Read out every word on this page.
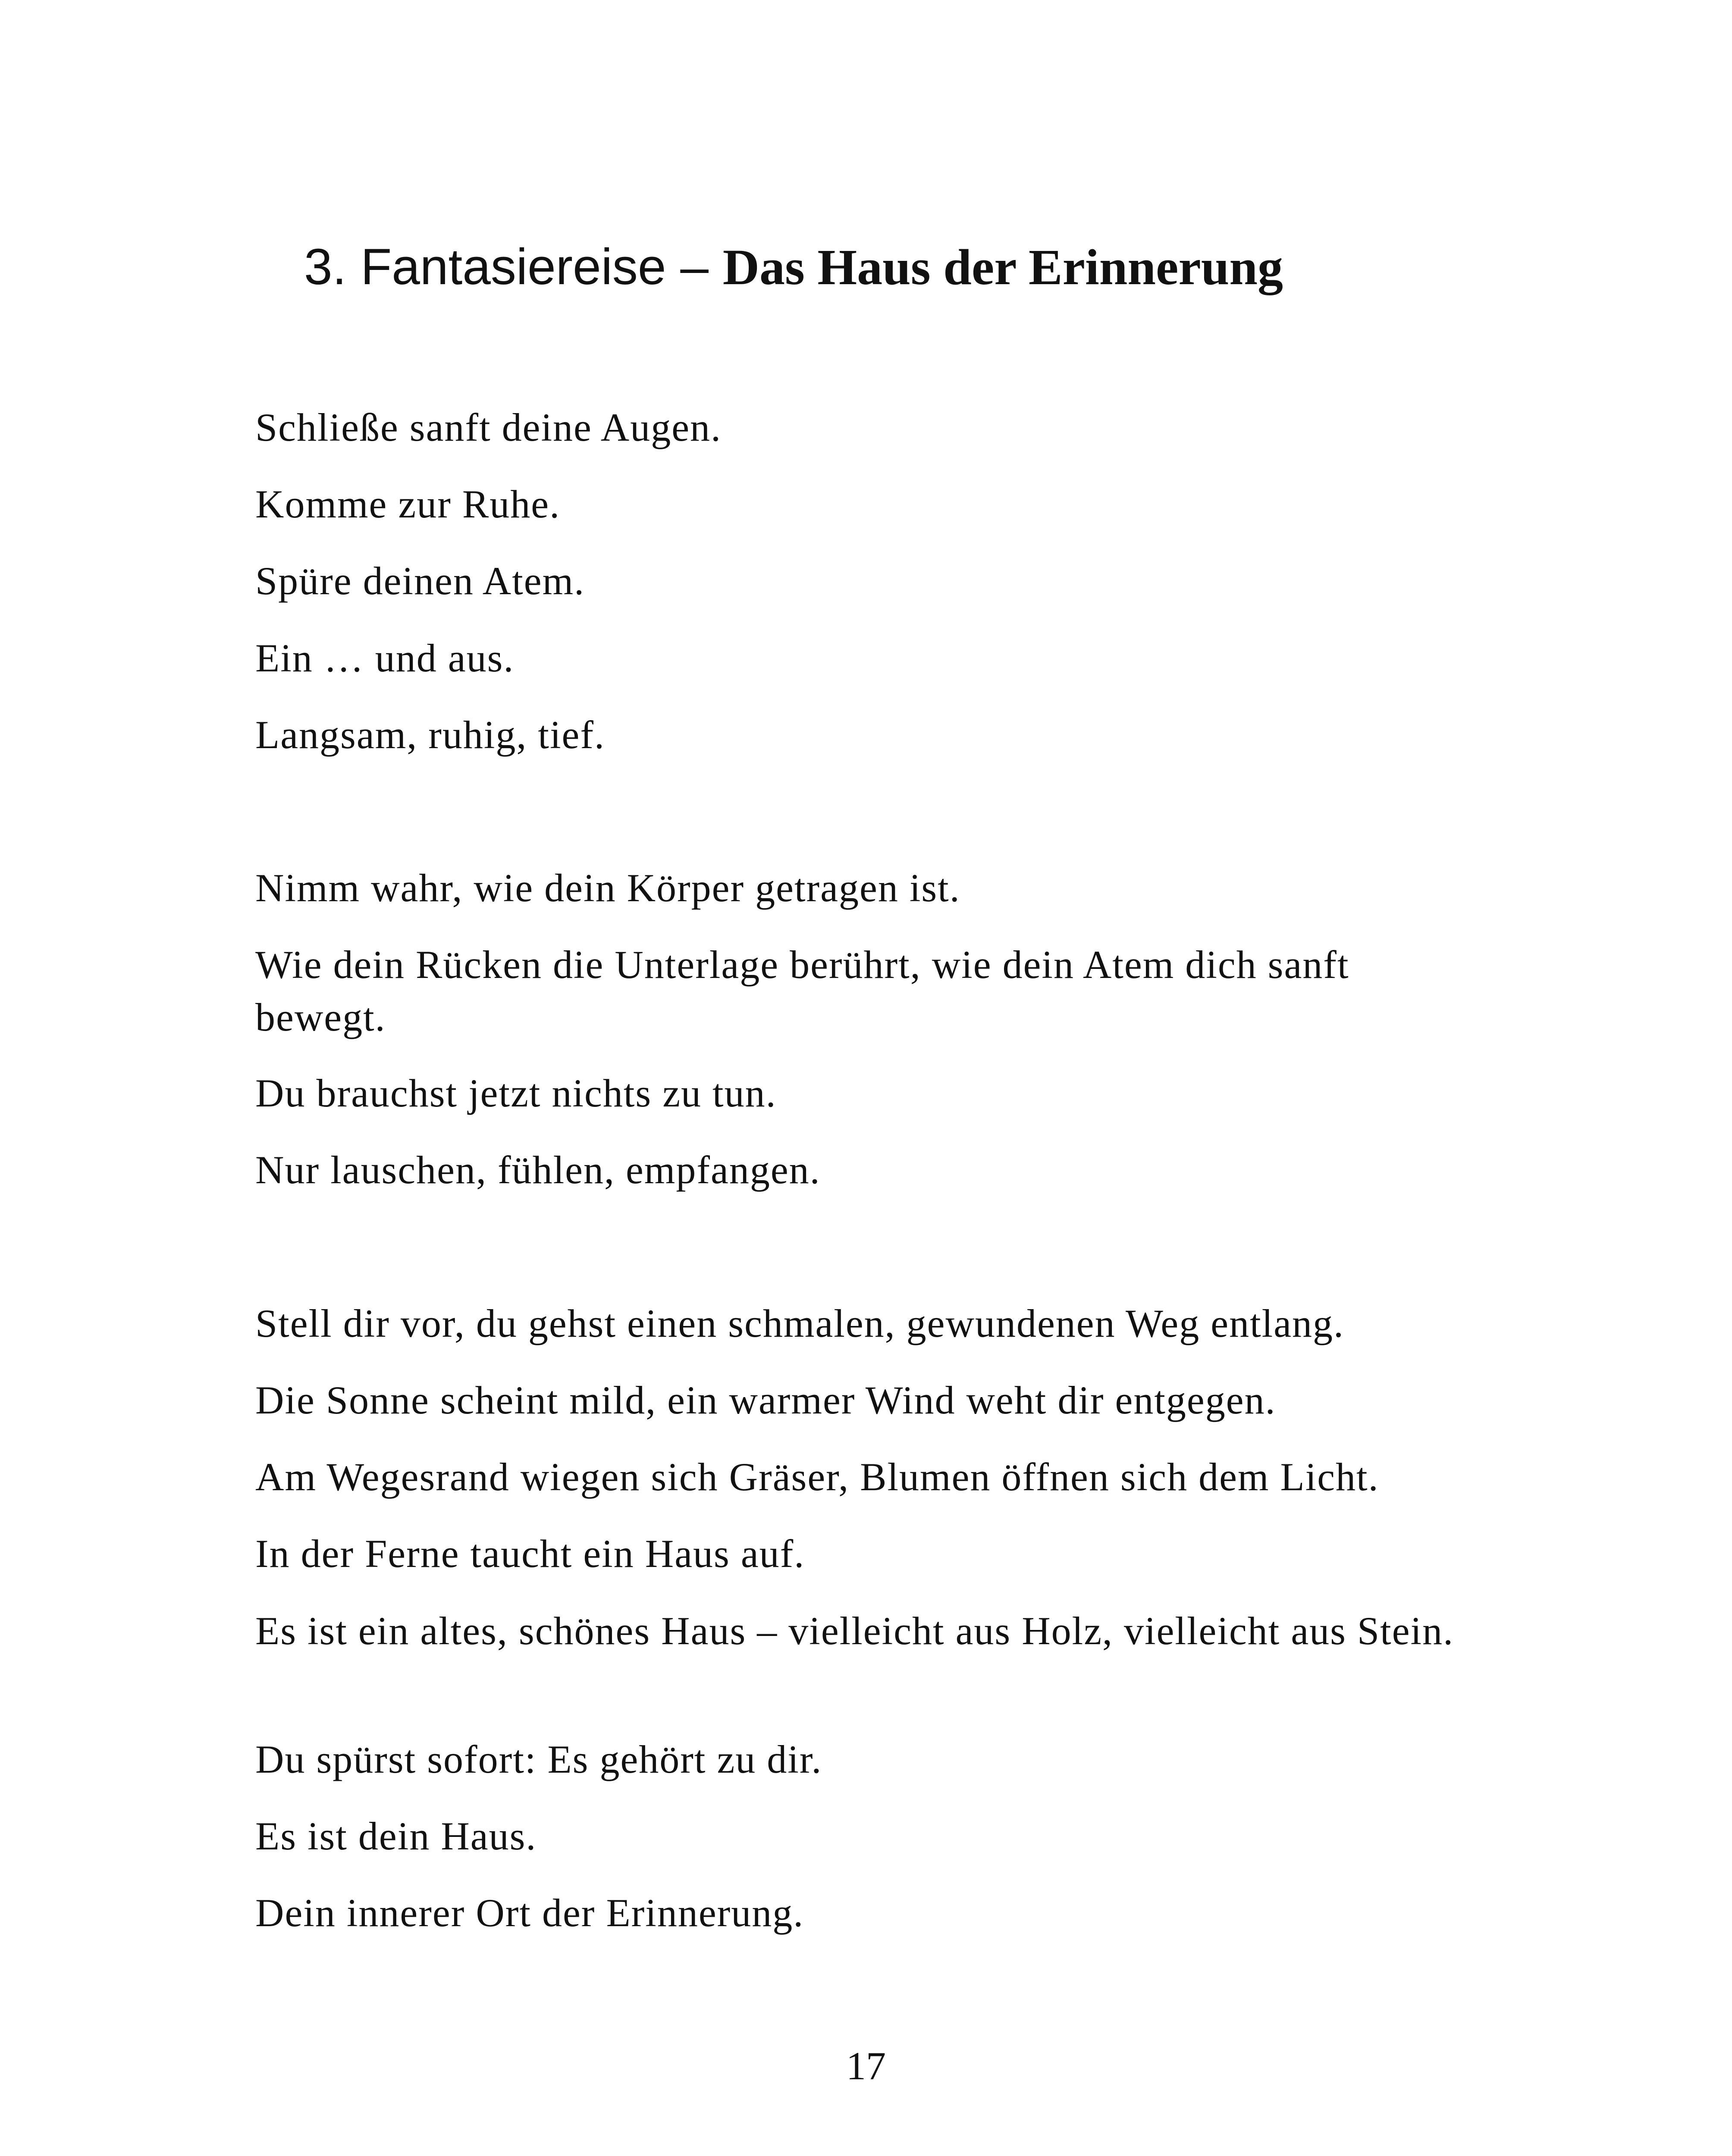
3. Fantasiereise – Das Haus der Erinnerung

Schließe sanft deine Augen.

Komme zur Ruhe.

Spüre deinen Atem.

Ein … und aus.

Langsam, ruhig, tief.

Nimm wahr, wie dein Körper getragen ist.

Wie dein Rücken die Unterlage berührt, wie dein Atem dich sanft bewegt.

Du brauchst jetzt nichts zu tun.

Nur lauschen, fühlen, empfangen.

Stell dir vor, du gehst einen schmalen, gewundenen Weg entlang.

Die Sonne scheint mild, ein warmer Wind weht dir entgegen.

Am Wegesrand wiegen sich Gräser, Blumen öffnen sich dem Licht.

In der Ferne taucht ein Haus auf.

Es ist ein altes, schönes Haus – vielleicht aus Holz, vielleicht aus Stein.

Du spürst sofort: Es gehört zu dir.

Es ist dein Haus.

Dein innerer Ort der Erinnerung.

17
